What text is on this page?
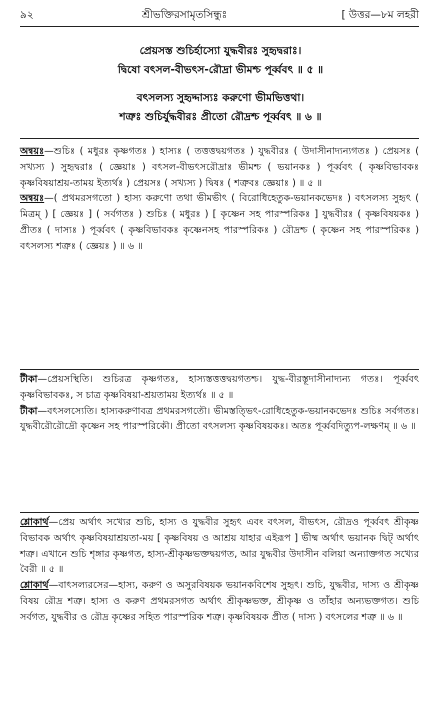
৯২	শ্রীভক্তিরসামৃতসিন্ধুঃ	[ উত্তর—৮ম লহরী
প্রেয়সস্ত শুচির্হাস্যো যুদ্ধবীরঃ সুহৃদ্বরাঃ।
দ্বিষো বৎসল-বীভৎস-রৌদ্রা ভীমশ্চ পূর্ব্ববৎ ॥ ৫ ॥
বৎসলস্য সুহৃদ্দাস্যঃ করুণো ভীমভিত্তথা।
শত্রুঃ শুচির্যুদ্ধবীরঃ প্রীতো রৌদ্রশ্চ পূর্ব্ববৎ ॥ ৬ ॥

অন্বয়ঃ—শুচিঃ ( মধুরঃ কৃষ্ণগতঃ ) হাস্যঃ ( তত্তত্তদ্বয়গতঃ ) যুদ্ধবীরঃ ( উদাসীনাদ্যন্যগতঃ ) প্রেয়সঃ ( সখ্যস্য ) সুহৃদ্বরাঃ ( জ্ঞেয়াঃ ) বৎসল-বীভৎসরৌদ্রাঃ ভীমশ্চ ( ভয়ানকঃ ) পূর্ব্ববৎ ( কৃষ্ণবিভাবকঃ কৃষ্ণবিষয়াশ্রয়-তাময় ইত্যর্থঃ ) প্রেয়সঃ ( সখ্যস্য ) দ্বিষঃ ( শত্রুবঃ জ্ঞেয়াঃ ) ॥ ৫ ॥

অন্বয়ঃ—( প্রথমরসগতো ) হাস্য করুণো তথা ভীমভীৎ ( বিরোধিহেতুক-ভয়ানকভেদঃ ) বৎসলস্য সুহৃৎ ( মিত্রম্ ) [ জ্ঞেয়ঃ ] ( সর্বগতঃ ) শুচিঃ ( মধুরঃ ) [ কৃষ্ণেন সহ পারস্পরিকঃ ] যুদ্ধবীরঃ ( কৃষ্ণবিষয়কঃ ) প্রীতঃ ( দাস্যঃ ) পূর্ব্ববৎ ( কৃষ্ণবিভাবকঃ কৃষ্ণেনসহ পারস্পরিকঃ ) রৌদ্রশ্চ ( কৃষ্ণেন সহ পারস্পরিকঃ ) বৎসলস্য শত্রুঃ ( জ্ঞেয়ঃ ) ॥ ৬ ॥

টীকা—প্রেয়সস্থিতি। শুচিরত্র কৃষ্ণগতঃ, হাস্যস্তত্তত্তদ্বয়গতশ্চ। যুদ্ধ-বীরস্তূদাসীনাদ্যন্য গতঃ। পূর্ব্ববৎ কৃষ্ণবিভাবকঃ, স চাত্র কৃষ্ণবিষয়া-শ্রয়তাময় ইত্যর্থঃ ॥ ৫ ॥

টীকা—বৎসলস্যেতি। হাস্যকরুণাবত্র প্রথমরসগতৌ। ভীমস্তত্ভিৎ-রোধিহেতুক-ভয়ানকভেদঃ শুচিঃ সর্বগতঃ। যুদ্ধবীরৌরৌদ্রৌ কৃষ্ণেন সহ পারস্পরিকৌ। প্রীতো বৎসলস্য কৃষ্ণবিষয়কঃ। অতঃ পূর্ব্ববদিত্যুপ-লক্ষণম্ ॥ ৬ ॥

শ্লোকার্থ—প্রেয় অর্থাৎ সখ্যের শুচি, হাস্য ও যুদ্ধবীর সুহৃৎ এবং বৎসল, বীভৎস, রৌদ্রও পূর্ব্ববৎ শ্রীকৃষ্ণ বিভাবক অর্থাৎ কৃষ্ণবিষয়াশ্রয়তা-ময় [ কৃষ্ণবিষয় ও আশ্রয় যাহার এইরূপ ] ভীষ্ম অর্থাৎ ভয়ানক দ্বিট্ অর্থাৎ শত্রু। এখানে শুচি শৃঙ্গার কৃষ্ণগত, হাস্য-শ্রীকৃষ্ণভক্তদ্বয়গত, আর যুদ্ধবীর উদাসীন বলিয়া অন্যাক্তগত সখ্যের বৈরী ॥ ৫ ॥

শ্লোকার্থ—বাৎসল্যরসের—হাস্য, করুণ ও অসুরবিষয়ক ভয়ানকবিশেষ সুহৃৎ। শুচি, যুদ্ধবীর, দাস্য ও শ্রীকৃষ্ণ বিষয় রৌদ্র শত্রু। হাস্য ও করুণ প্রথমরসগত অর্থাৎ শ্রীকৃষ্ণভক্ত, শ্রীকৃষ্ণ ও তাঁহার অন্যভক্তগত। শুচি সর্বগত, যুদ্ধবীর ও রৌদ্র কৃষ্ণের সহিত পারস্পরিক শত্রু। কৃষ্ণবিষয়ক প্রীত ( দাস্য ) বৎসলের শত্রু ॥ ৬ ॥
